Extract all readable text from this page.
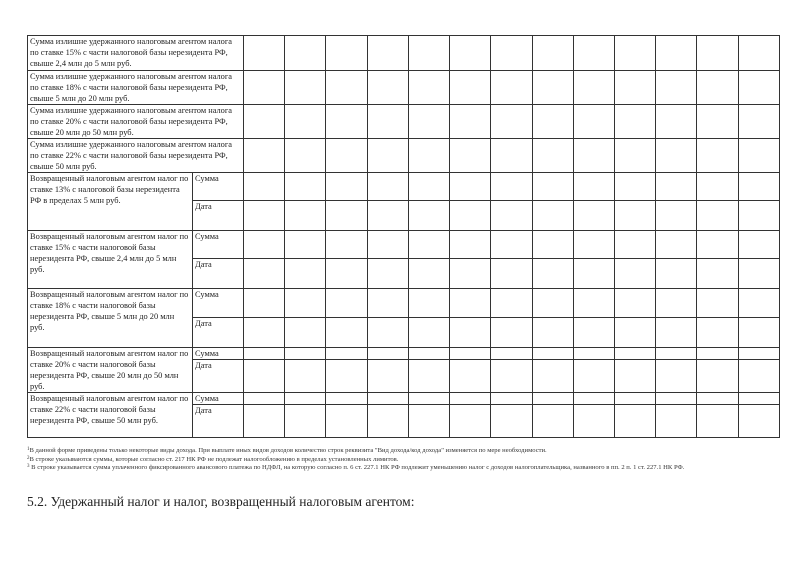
Сумма излишне удержанного налоговым агентом налога по ставке 15% с части налоговой базы нерезидента РФ, свыше 2,4 млн до 5 млн руб.														
Сумма излишне удержанного налоговым агентом налога по ставке 18% с части налоговой базы нерезидента РФ, свыше 5 млн до 20 млн руб.														
Сумма излишне удержанного налоговым агентом налога по ставке 20% с части налоговой базы нерезидента РФ, свыше 20 млн до 50 млн руб.														
Сумма излишне удержанного налоговым агентом налога по ставке 22% с части налоговой базы нерезидента РФ, свыше 50 млн руб.														
Возвращенный налоговым агентом налог по ставке 13% с налоговой базы нерезидента РФ в пределах 5 млн руб.	Сумма													
	Дата													
Возвращенный налоговым агентом налог по ставке 15% с части налоговой базы нерезидента РФ, свыше 2,4 млн до 5 млн руб.	Сумма													
	Дата													
Возвращенный налоговым агентом налог по ставке 18% с части налоговой базы нерезидента РФ, свыше 5 млн до 20 млн руб.	Сумма													
	Дата													
Возвращенный налоговым агентом налог по ставке 20% с части налоговой базы нерезидента РФ, свыше 20 млн до 50 млн руб.	Сумма													
	Дата													
Возвращенный налоговым агентом налог по ставке 22% с части налоговой базы нерезидента РФ, свыше 50 млн руб.	Сумма													
	Дата													

$^1$В данной форме приведены только некоторые виды дохода. При выплате иных видов доходов количество строк реквизита "Вид дохода/код дохода" изменяется по мере необходимости.

$^2$В строке указываются суммы, которые согласно ст. 217 НК РФ не подлежат налогообложению в пределах установленных лимитов.

$^3$ В строке указывается сумма уплаченного фиксированного авансового платежа по НДФЛ, на которую согласно п. 6 ст. 227.1 НК РФ подлежит уменьшению налог с доходов налогоплательщика, названного в пп. 2 п. 1 ст. 227.1 НК РФ.

5.2. Удержанный налог и налог, возвращенный налоговым агентом:
